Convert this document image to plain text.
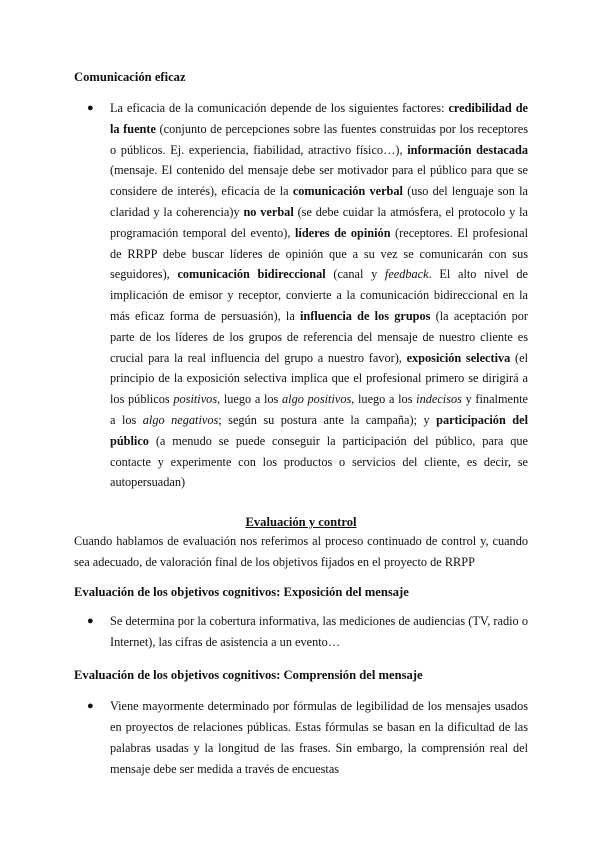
Comunicación eficaz
● La eficacia de la comunicación depende de los siguientes factores: credibilidad de la fuente (conjunto de percepciones sobre las fuentes construidas por los receptores o públicos. Ej. experiencia, fiabilidad, atractivo físico…), información destacada (mensaje. El contenido del mensaje debe ser motivador para el público para que se considere de interés), eficacia de la comunicación verbal (uso del lenguaje son la claridad y la coherencia)y no verbal (se debe cuidar la atmósfera, el protocolo y la programación temporal del evento), líderes de opinión (receptores. El profesional de RRPP debe buscar líderes de opinión que a su vez se comunicarán con sus seguidores), comunicación bidireccional (canal y feedback. El alto nivel de implicación de emisor y receptor, convierte a la comunicación bidireccional en la más eficaz forma de persuasión), la influencia de los grupos (la aceptación por parte de los líderes de los grupos de referencia del mensaje de nuestro cliente es crucial para la real influencia del grupo a nuestro favor), exposición selectiva (el principio de la exposición selectiva implica que el profesional primero se dirigirá a los públicos positivos, luego a los algo positivos, luego a los indecisos y finalmente a los algo negativos; según su postura ante la campaña); y participación del público (a menudo se puede conseguir la participación del público, para que contacte y experimente con los productos o servicios del cliente, es decir, se autopersuadan)

Evaluación y control

Cuando hablamos de evaluación nos referimos al proceso continuado de control y, cuando sea adecuado, de valoración final de los objetivos fijados en el proyecto de RRPP

Evaluación de los objetivos cognitivos: Exposición del mensaje
● Se determina por la cobertura informativa, las mediciones de audiencias (TV, radio o Internet), las cifras de asistencia a un evento…

Evaluación de los objetivos cognitivos: Comprensión del mensaje
● Viene mayormente determinado por fórmulas de legibilidad de los mensajes usados en proyectos de relaciones públicas. Estas fórmulas se basan en la dificultad de las palabras usadas y la longitud de las frases. Sin embargo, la comprensión real del mensaje debe ser medida a través de encuestas
